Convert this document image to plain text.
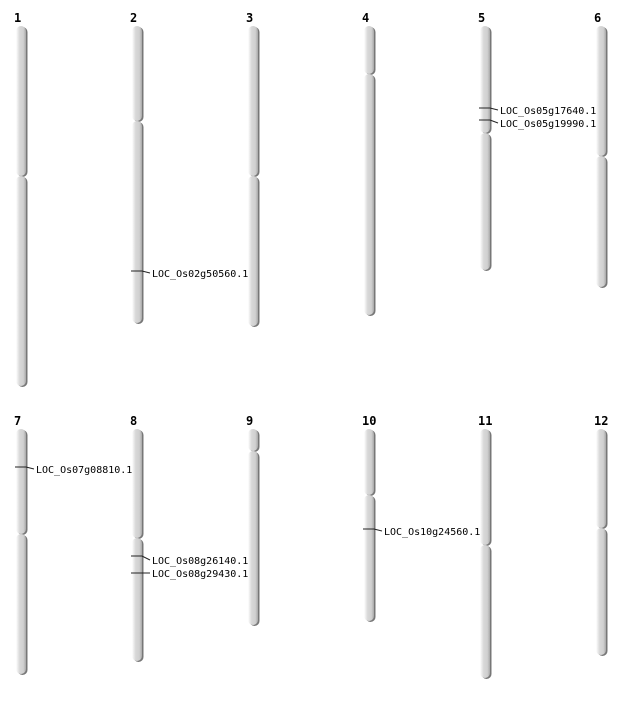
1	2
LOC_Os02g50560.1
3	4	5
LOC_Os05g17640.1
LOC_Os05g19990.1
6
7
LOC_Os07g08810.1
8
LOC_Os08g26140.1
LOC_Os08g29430.1
9	10
LOC_Os10g24560.1
11	12
